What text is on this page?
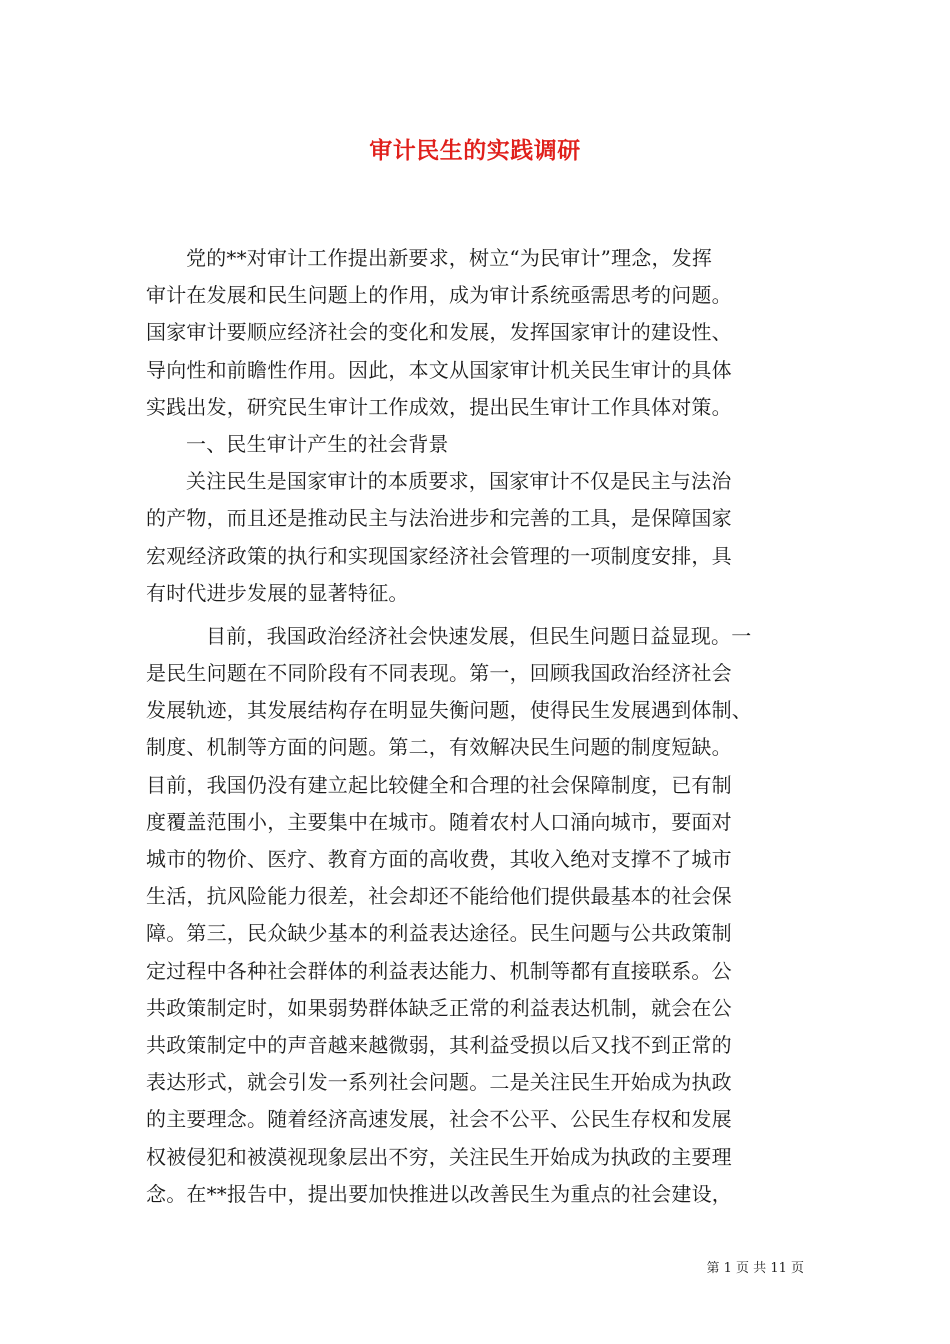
审计民生的实践调研
党的**对审计工作提出新要求，树立“为民审计”理念，发挥
审计在发展和民生问题上的作用，成为审计系统亟需思考的问题。
国家审计要顺应经济社会的变化和发展，发挥国家审计的建设性、
导向性和前瞻性作用。因此，本文从国家审计机关民生审计的具体
实践出发，研究民生审计工作成效，提出民生审计工作具体对策。
一、民生审计产生的社会背景
关注民生是国家审计的本质要求，国家审计不仅是民主与法治
的产物，而且还是推动民主与法治进步和完善的工具，是保障国家
宏观经济政策的执行和实现国家经济社会管理的一项制度安排，具
有时代进步发展的显著特征。
目前，我国政治经济社会快速发展，但民生问题日益显现。一
是民生问题在不同阶段有不同表现。第一，回顾我国政治经济社会
发展轨迹，其发展结构存在明显失衡问题，使得民生发展遇到体制、
制度、机制等方面的问题。第二，有效解决民生问题的制度短缺。
目前，我国仍没有建立起比较健全和合理的社会保障制度，已有制
度覆盖范围小，主要集中在城市。随着农村人口涌向城市，要面对
城市的物价、医疗、教育方面的高收费，其收入绝对支撑不了城市
生活，抗风险能力很差，社会却还不能给他们提供最基本的社会保
障。第三，民众缺少基本的利益表达途径。民生问题与公共政策制
定过程中各种社会群体的利益表达能力、机制等都有直接联系。公
共政策制定时，如果弱势群体缺乏正常的利益表达机制，就会在公
共政策制定中的声音越来越微弱，其利益受损以后又找不到正常的
表达形式，就会引发一系列社会问题。二是关注民生开始成为执政
的主要理念。随着经济高速发展，社会不公平、公民生存权和发展
权被侵犯和被漠视现象层出不穷，关注民生开始成为执政的主要理
念。在**报告中，提出要加快推进以改善民生为重点的社会建设，
第 1 页 共 11 页
